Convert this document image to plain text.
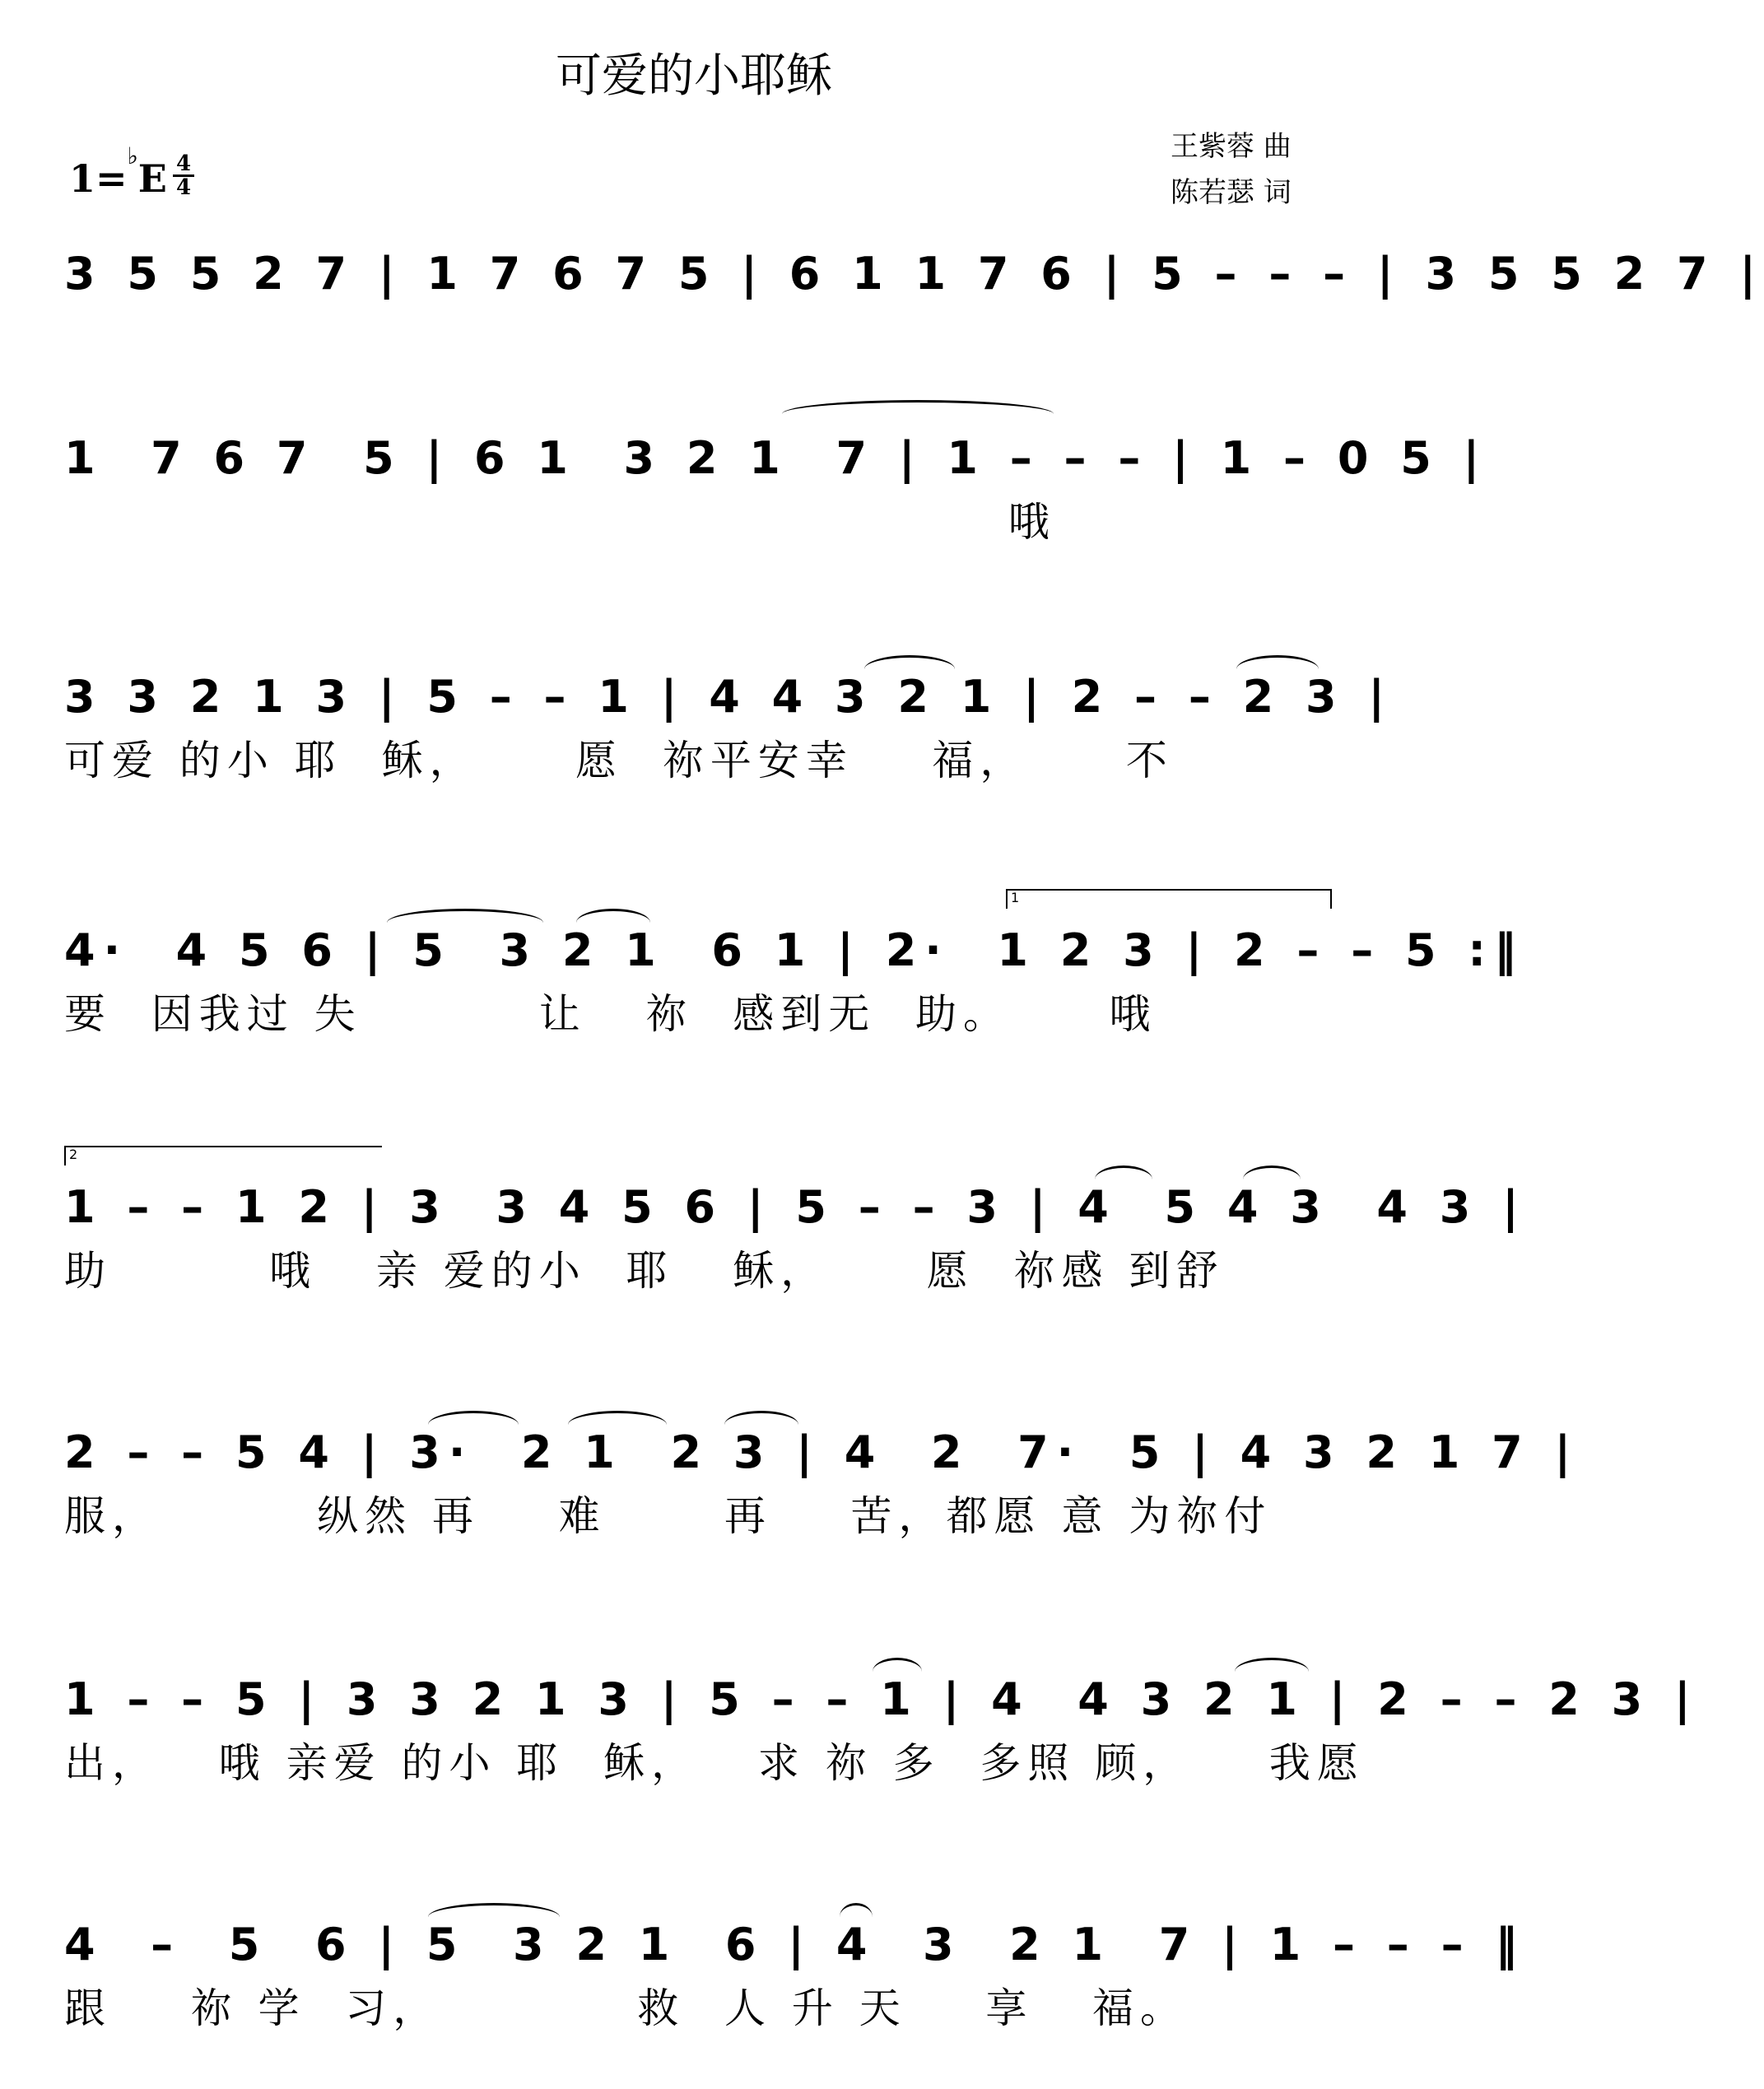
可爱的小耶稣
王紫蓉 曲
陈若瑟 词
1=♭E 4
4
3 5 5 2 7 | 1 7 6 7 5 | 6 1 1 7 6 | 5 – – – | 3 5 5 2 7 |
1  7 6 7  5 | 6 1  3 2 1  7 | 1 – – – | 1 – 0 5 |
哦
3 3 2 1 3 | 5 – – 1 | 4 4 3 2 1 | 2 – – 2 3 |
可爱 的小 耶  稣，     愿  祢平安幸    福，     不
1
4·  4 5 6 | 5  3 2 1  6 1 | 2·  1 2 3 | 2 – – 5 :‖
要  因我过 失         让   祢  感到无  助。     哦
2
1 – – 1 2 | 3  3 4 5 6 | 5 – – 3 | 4  5 4 3  4 3 |
助        哦   亲 爱的小  耶   稣，     愿  祢感 到舒
2 – – 5 4 | 3·  2 1  2 3 | 4  2  7·  5 | 4 3 2 1 7 |
服，        纵然 再    难      再    苦，都愿 意 为祢付
1 – – 5 | 3 3 2 1 3 | 5 – – 1 | 4  4 3 2 1 | 2 – – 2 3 |
出，   哦 亲爱 的小 耶  稣，   求 祢 多  多照 顾，    我愿
4  –  5  6 | 5  3 2 1  6 | 4  3  2 1  7 | 1 – – – ‖
跟    祢 学  习，          救  人 升 天    享   福。
